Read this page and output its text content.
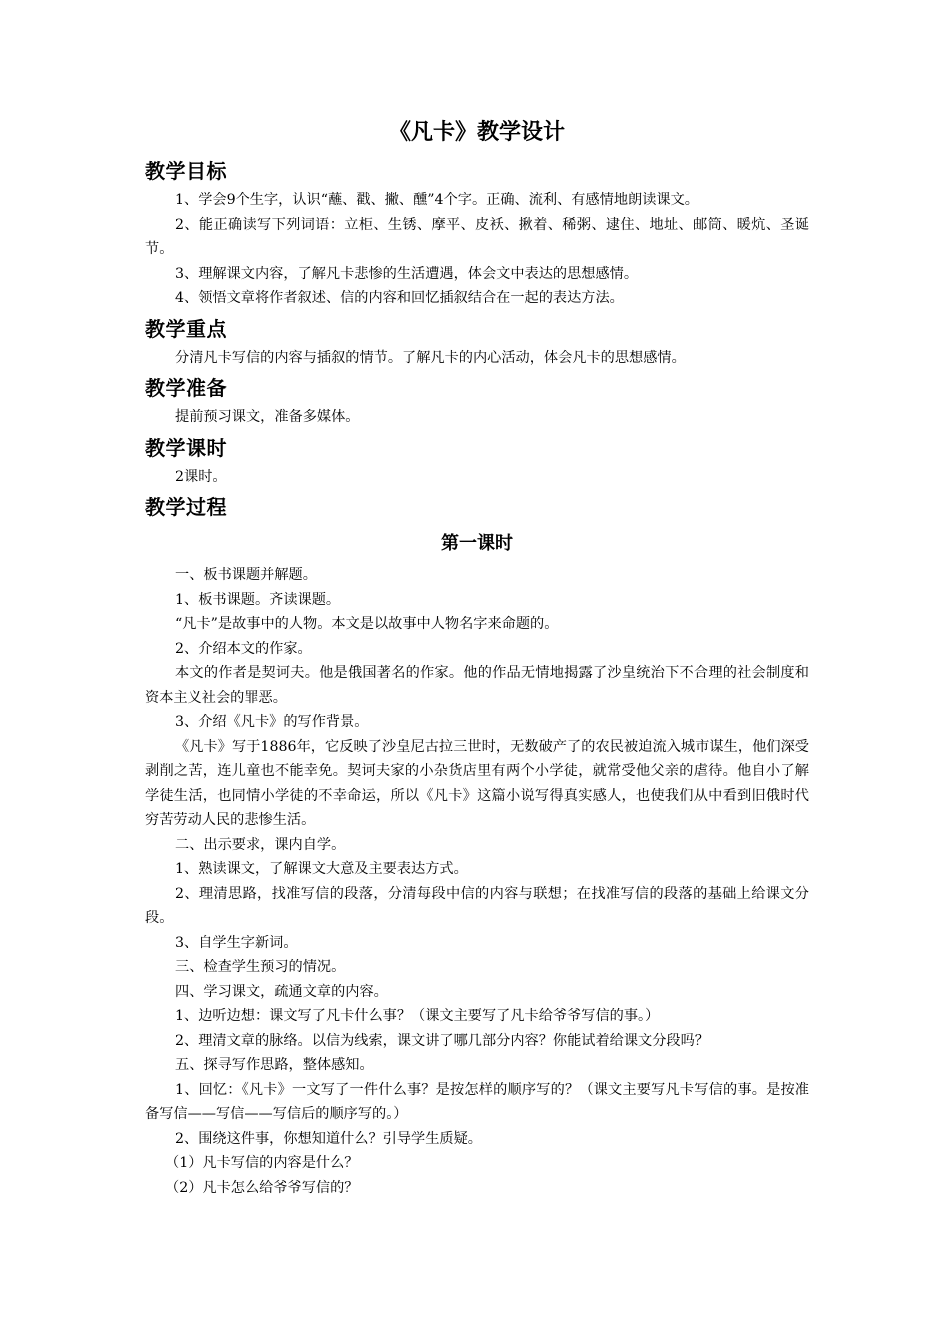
《凡卡》教学设计
教学目标

1、学会9个生字，认识“蘸、戳、撇、醺”4个字。正确、流利、有感情地朗读课文。

2、能正确读写下列词语：立柜、生锈、摩平、皮袄、揪着、稀粥、逮住、地址、邮筒、暖炕、圣诞节。

3、理解课文内容，了解凡卡悲惨的生活遭遇，体会文中表达的思想感情。

4、领悟文章将作者叙述、信的内容和回忆插叙结合在一起的表达方法。

教学重点

分清凡卡写信的内容与插叙的情节。了解凡卡的内心活动，体会凡卡的思想感情。

教学准备

提前预习课文，准备多媒体。

教学课时

2课时。

教学过程
第一课时

一、板书课题并解题。

1、板书课题。齐读课题。

“凡卡”是故事中的人物。本文是以故事中人物名字来命题的。

2、介绍本文的作家。

本文的作者是契诃夫。他是俄国著名的作家。他的作品无情地揭露了沙皇统治下不合理的社会制度和资本主义社会的罪恶。

3、介绍《凡卡》的写作背景。

《凡卡》写于1886年，它反映了沙皇尼古拉三世时，无数破产了的农民被迫流入城市谋生，他们深受剥削之苦，连儿童也不能幸免。契诃夫家的小杂货店里有两个小学徒，就常受他父亲的虐待。他自小了解学徒生活，也同情小学徒的不幸命运，所以《凡卡》这篇小说写得真实感人，也使我们从中看到旧俄时代穷苦劳动人民的悲惨生活。

二、出示要求，课内自学。

1、熟读课文，了解课文大意及主要表达方式。

2、理清思路，找准写信的段落，分清每段中信的内容与联想；在找准写信的段落的基础上给课文分段。

3、自学生字新词。

三、检查学生预习的情况。

四、学习课文，疏通文章的内容。

1、边听边想：课文写了凡卡什么事？（课文主要写了凡卡给爷爷写信的事。）

2、理清文章的脉络。以信为线索，课文讲了哪几部分内容？你能试着给课文分段吗？

五、探寻写作思路，整体感知。

1、回忆：《凡卡》一文写了一件什么事？是按怎样的顺序写的？（课文主要写凡卡写信的事。是按准备写信——写信——写信后的顺序写的。）

2、围绕这件事，你想知道什么？引导学生质疑。

（1）凡卡写信的内容是什么？

（2）凡卡怎么给爷爷写信的？
